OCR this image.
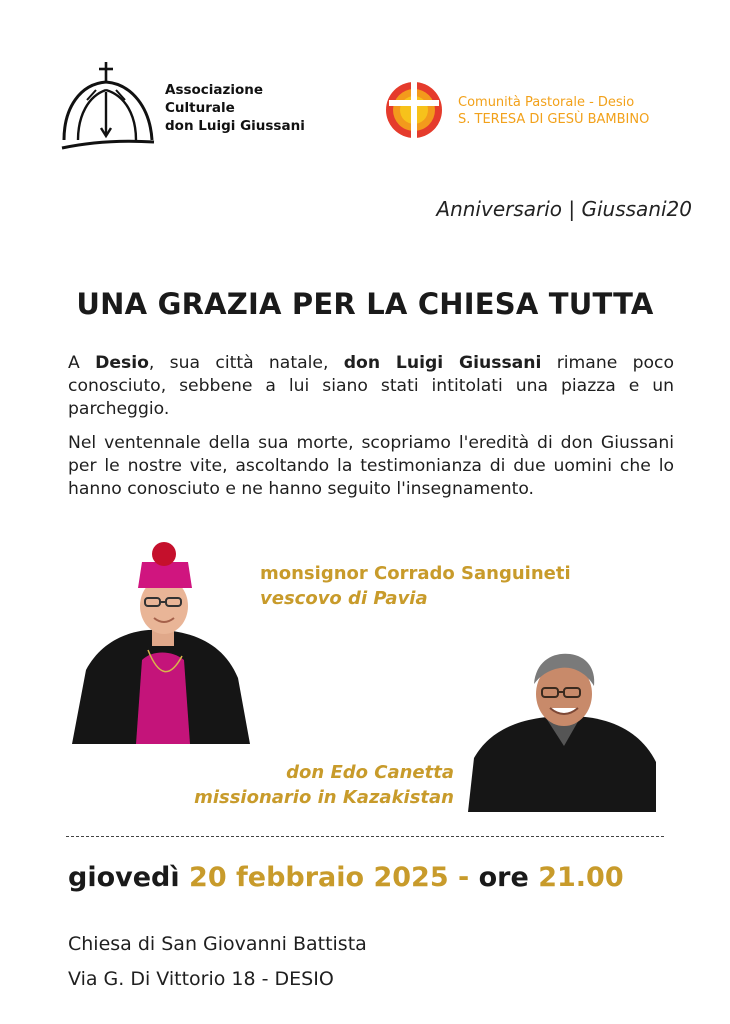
Associazione
Culturale
don Luigi Giussani
Comunità Pastorale - Desio
S. TERESA DI GESÙ BAMBINO
Anniversario | Giussani20
UNA GRAZIA PER LA CHIESA TUTTA
A Desio, sua città natale, don Luigi Giussani rimane poco conosciuto, sebbene a lui siano stati intitolati una piazza e un parcheggio.
Nel ventennale della sua morte, scopriamo l'eredità di don Giussani per le nostre vite, ascoltando la testimonianza di due uomini che lo hanno conosciuto e ne hanno seguito l'insegnamento.
monsignor Corrado Sanguineti
vescovo di Pavia
don Edo Canetta
missionario in Kazakistan
giovedì 20 febbraio 2025 - ore 21.00
Chiesa di San Giovanni Battista
Via G. Di Vittorio 18 - DESIO
